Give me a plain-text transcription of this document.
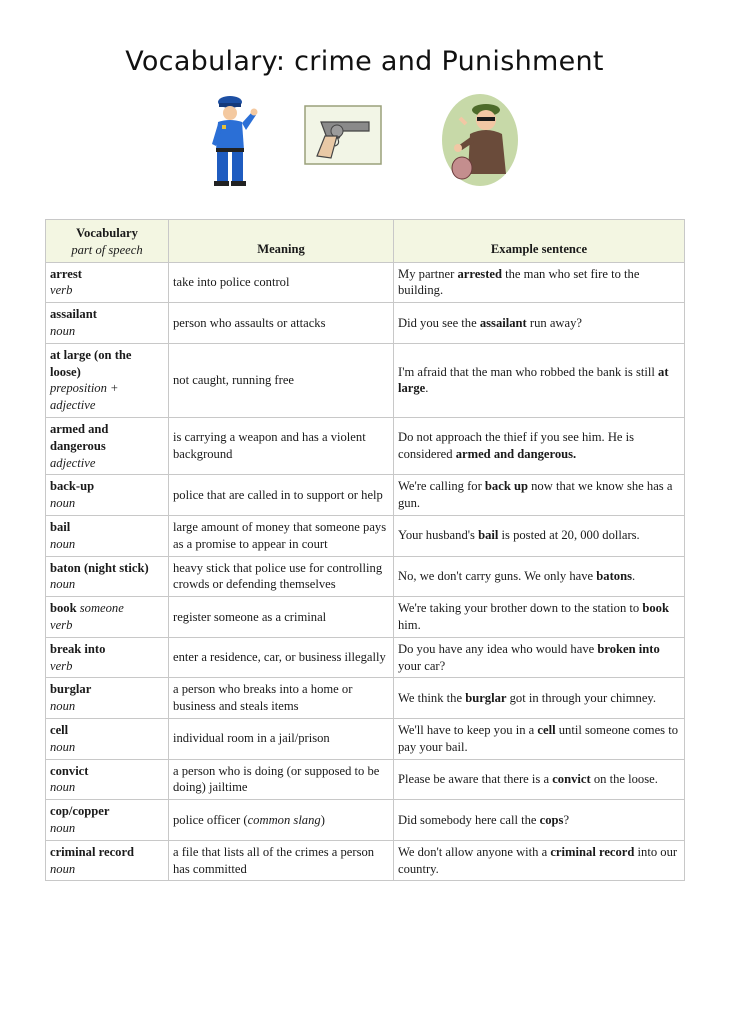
Vocabulary: crime and Punishment
Vocabulary
part of speech	Meaning	Example sentence
arrest
verb	take into police control	My partner arrested the man who set fire to the building.
assailant
noun	person who assaults or attacks	Did you see the assailant run away?
at large (on the loose)
preposition + adjective	not caught, running free	I'm afraid that the man who robbed the bank is still at large.
armed and dangerous
adjective	is carrying a weapon and has a violent background	Do not approach the thief if you see him. He is considered armed and dangerous.
back-up
noun	police that are called in to support or help	We're calling for back up now that we know she has a gun.
bail
noun	large amount of money that someone pays as a promise to appear in court	Your husband's bail is posted at 20, 000 dollars.
baton (night stick)
noun	heavy stick that police use for controlling crowds or defending themselves	No, we don't carry guns. We only have batons.
book someone
verb	register someone as a criminal	We're taking your brother down to the station to book him.
break into
verb	enter a residence, car, or business illegally	Do you have any idea who would have broken into your car?
burglar
noun	a person who breaks into a home or business and steals items	We think the burglar got in through your chimney.
cell
noun	individual room in a jail/prison	We'll have to keep you in a cell until someone comes to pay your bail.
convict
noun	a person who is doing (or supposed to be doing) jailtime	Please be aware that there is a convict on the loose.
cop/copper
noun	police officer (common slang)	Did somebody here call the cops?
criminal record
noun	a file that lists all of the crimes a person has committed	We don't allow anyone with a criminal record into our country.
